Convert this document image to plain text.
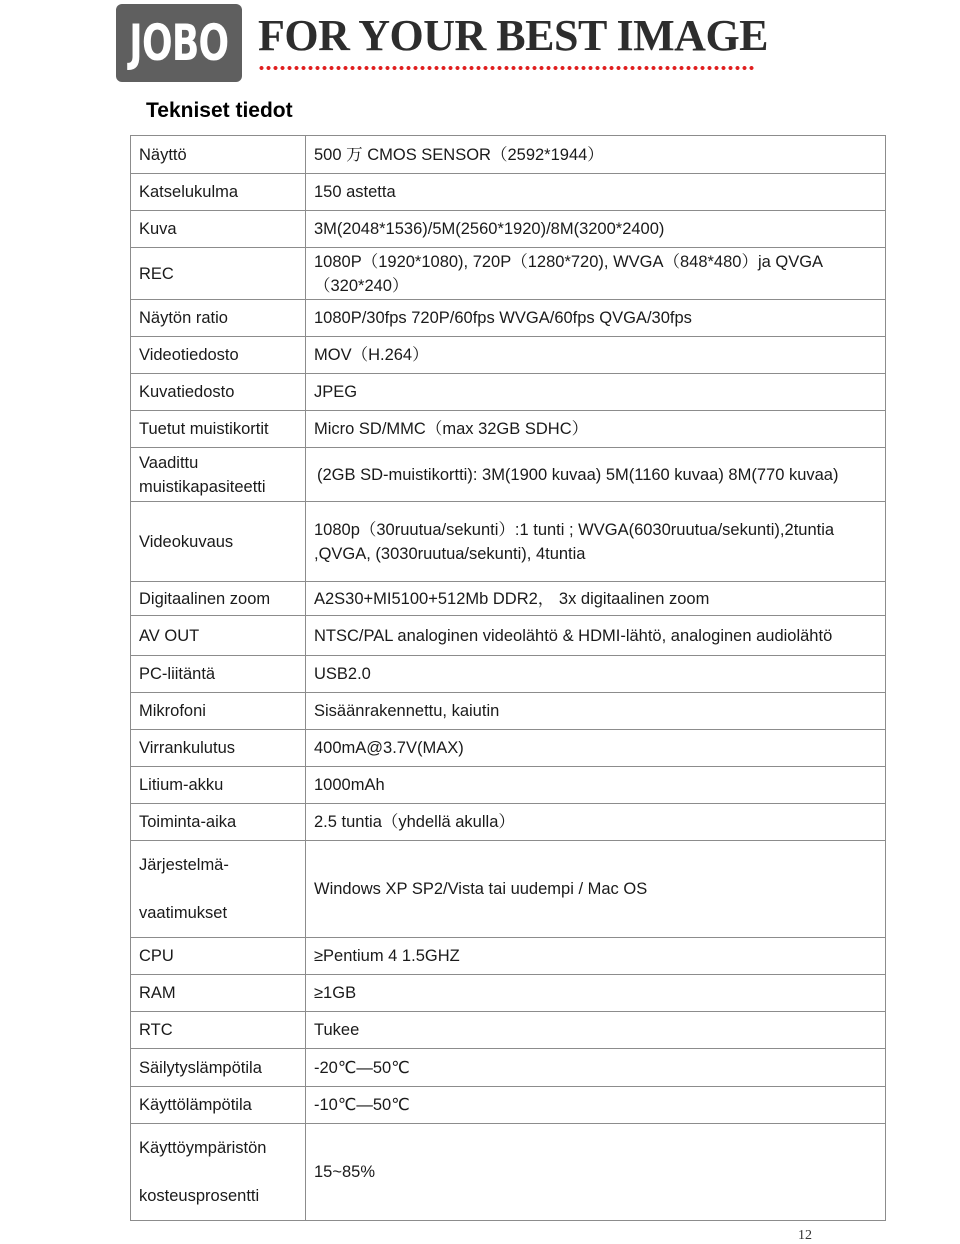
JOBO FOR YOUR BEST IMAGE
Tekniset tiedot
Näyttö	500 万 CMOS SENSOR（2592*1944）
Katselukulma	150 astetta
Kuva	3M(2048*1536)/5M(2560*1920)/8M(3200*2400)
REC	1080P（1920*1080), 720P（1280*720), WVGA（848*480）ja QVGA（320*240）
Näytön ratio	1080P/30fps 720P/60fps WVGA/60fps QVGA/30fps
Videotiedosto	MOV（H.264）
Kuvatiedosto	JPEG
Tuetut muistikortit	Micro SD/MMC（max 32GB SDHC）
Vaadittu muistikapasiteetti	(2GB SD-muistikortti): 3M(1900 kuvaa) 5M(1160 kuvaa) 8M(770 kuvaa)
Videokuvaus	1080p（30ruutua/sekunti）:1 tunti ; WVGA(6030ruutua/sekunti),2tuntia ,QVGA, (3030ruutua/sekunti), 4tuntia
Digitaalinen zoom	A2S30+MI5100+512Mb DDR2， 3x digitaalinen zoom
AV OUT	NTSC/PAL analoginen videolähtö & HDMI-lähtö, analoginen audiolähtö
PC-liitäntä	USB2.0
Mikrofoni	Sisäänrakennettu, kaiutin
Virrankulutus	400mA@3.7V(MAX)
Litium-akku	1000mAh
Toiminta-aika	2.5 tuntia（yhdellä akulla）

Järjestelmä-
vaatimukset	Windows XP SP2/Vista tai uudempi / Mac OS
CPU	≥Pentium 4 1.5GHZ
RAM	≥1GB
RTC	Tukee
Säilytyslämpötila	-20℃—50℃
Käyttölämpötila	-10℃—50℃

Käyttöympäristön
kosteusprosentti	15~85%
12
